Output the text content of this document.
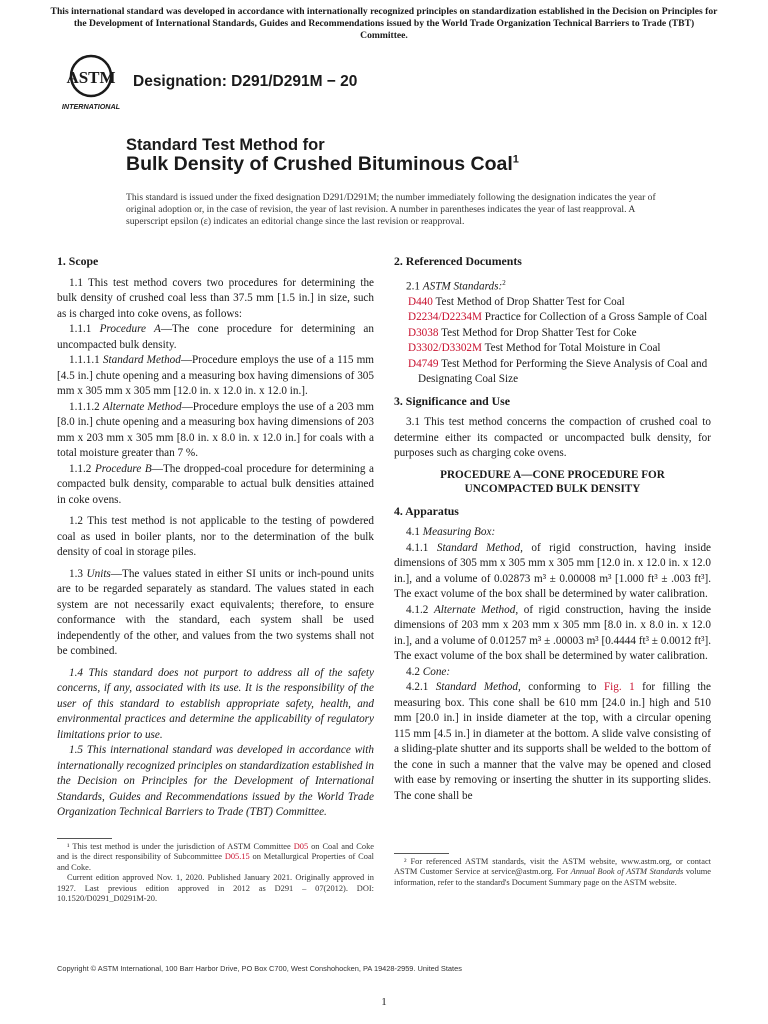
This international standard was developed in accordance with internationally recognized principles on standardization established in the Decision on Principles for the Development of International Standards, Guides and Recommendations issued by the World Trade Organization Technical Barriers to Trade (TBT) Committee.
ASTM
INTERNATIONAL
Designation: D291/D291M − 20
Standard Test Method for
Bulk Density of Crushed Bituminous Coal$^1$
This standard is issued under the fixed designation D291/D291M; the number immediately following the designation indicates the year of original adoption or, in the case of revision, the year of last revision. A number in parentheses indicates the year of last reapproval. A superscript epsilon (ε) indicates an editorial change since the last revision or reapproval.
1. Scope

1.1 This test method covers two procedures for determining the bulk density of crushed coal less than 37.5 mm [1.5 in.] in size, such as is charged into coke ovens, as follows:

1.1.1 Procedure A—The cone procedure for determining an uncompacted bulk density.

1.1.1.1 Standard Method—Procedure employs the use of a 115 mm [4.5 in.] chute opening and a measuring box having dimensions of 305 mm x 305 mm x 305 mm [12.0 in. x 12.0 in. x 12.0 in.].

1.1.1.2 Alternate Method—Procedure employs the use of a 203 mm [8.0 in.] chute opening and a measuring box having dimensions of 203 mm x 203 mm x 305 mm [8.0 in. x 8.0 in. x 12.0 in.] for coals with a total moisture greater than 7 %.

1.1.2 Procedure B—The dropped-coal procedure for determining a compacted bulk density, comparable to actual bulk densities attained in coke ovens.

1.2 This test method is not applicable to the testing of powdered coal as used in boiler plants, nor to the determination of the bulk density of coal in storage piles.

1.3 Units—The values stated in either SI units or inch-pound units are to be regarded separately as standard. The values stated in each system are not necessarily exact equivalents; therefore, to ensure conformance with the standard, each system shall be used independently of the other, and values from the two systems shall not be combined.

1.4 This standard does not purport to address all of the safety concerns, if any, associated with its use. It is the responsibility of the user of this standard to establish appropriate safety, health, and environmental practices and determine the applicability of regulatory limitations prior to use.

1.5 This international standard was developed in accordance with internationally recognized principles on standardization established in the Decision on Principles for the Development of International Standards, Guides and Recommendations issued by the World Trade Organization Technical Barriers to Trade (TBT) Committee.

2. Referenced Documents

2.1 ASTM Standards:$^2$

D440 Test Method of Drop Shatter Test for Coal

D2234/D2234M Practice for Collection of a Gross Sample of Coal

D3038 Test Method for Drop Shatter Test for Coke

D3302/D3302M Test Method for Total Moisture in Coal

D4749 Test Method for Performing the Sieve Analysis of Coal and Designating Coal Size

3. Significance and Use

3.1 This test method concerns the compaction of crushed coal to determine either its compacted or uncompacted bulk density, for purposes such as charging coke ovens.

PROCEDURE A—CONE PROCEDURE FOR
UNCOMPACTED BULK DENSITY
4. Apparatus

4.1 Measuring Box:

4.1.1 Standard Method, of rigid construction, having inside dimensions of 305 mm x 305 mm x 305 mm [12.0 in. x 12.0 in. x 12.0 in.], and a volume of 0.02873 m³ ± 0.00008 m³ [1.000 ft³ ± .003 ft³]. The exact volume of the box shall be determined by water calibration.

4.1.2 Alternate Method, of rigid construction, having the inside dimensions of 203 mm x 203 mm x 305 mm [8.0 in. x 8.0 in. x 12.0 in.], and a volume of 0.01257 m³ ± .00003 m³ [0.4444 ft³ ± 0.0012 ft³]. The exact volume of the box shall be determined by water calibration.

4.2 Cone:

4.2.1 Standard Method, conforming to Fig. 1 for filling the measuring box. This cone shall be 610 mm [24.0 in.] high and 510 mm [20.0 in.] in inside diameter at the top, with a circular opening 115 mm [4.5 in.] in diameter at the bottom. A slide valve consisting of a sliding-plate shutter and its supports shall be welded to the bottom of the cone in such a manner that the valve may be opened and closed with ease by removing or inserting the shutter in its supporting slides. The cone shall be

¹ This test method is under the jurisdiction of ASTM Committee D05 on Coal and Coke and is the direct responsibility of Subcommittee D05.15 on Metallurgical Properties of Coal and Coke.

Current edition approved Nov. 1, 2020. Published January 2021. Originally approved in 1927. Last previous edition approved in 2012 as D291 – 07(2012). DOI: 10.1520/D0291_D0291M-20.

² For referenced ASTM standards, visit the ASTM website, www.astm.org, or contact ASTM Customer Service at service@astm.org. For Annual Book of ASTM Standards volume information, refer to the standard's Document Summary page on the ASTM website.

Copyright © ASTM International, 100 Barr Harbor Drive, PO Box C700, West Conshohocken, PA 19428-2959. United States
1
